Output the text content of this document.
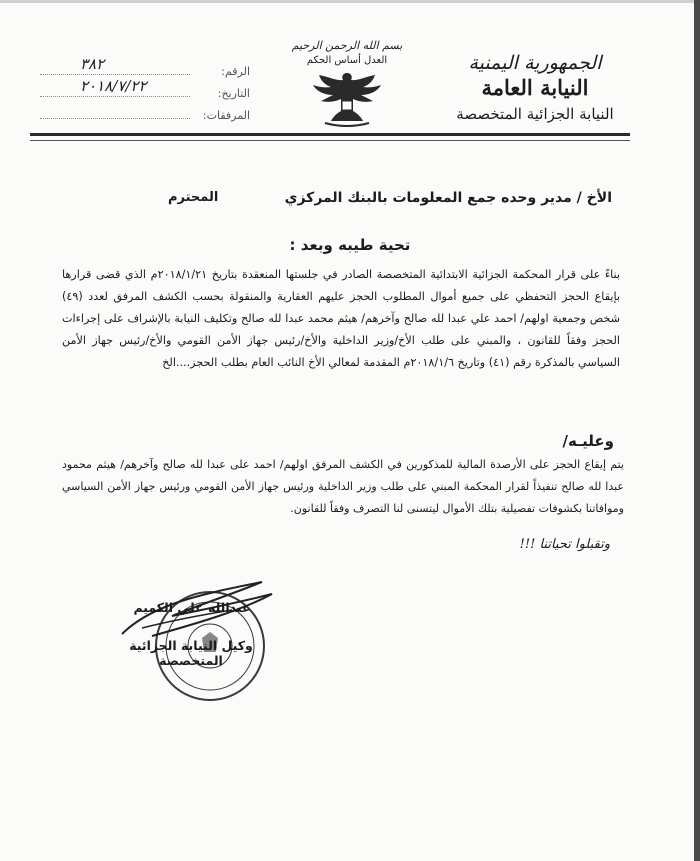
الجمهورية اليمنية
النيابة العامة
النيابة الجزائية المتخصصة
بسم الله الرحمن الرحيم
العدل أساس الحكم
الرقم:
٣٨٢
التاريخ:
٢٠١٨/٧/٢٢
المرفقات:
الأخ / مدير وحده جمع المعلومات بالبنك المركزي
المحترم
تحية طيبه وبعد :
بناءً على قرار المحكمة الجزائية الابتدائية المتخصصة الصادر في جلستها المنعقدة بتاريخ ٢٠١٨/١/٢١م الذي قضى قرارها بإيقاع الحجز التحفظي على جميع أموال المطلوب الحجز عليهم العقارية والمنقولة بحسب الكشف المرفق لعدد (٤٩) شخص وجمعية اولهم/ احمد علي عبدا لله صالح وآخرهم/ هيثم محمد عبدا لله صالح وتكليف النيابة بالإشراف على إجراءات الحجز وفقاً للقانون ، والمبني على طلب الأخ/وزير الداخلية والأخ/رئيس جهاز الأمن القومي والأخ/رئيس جهاز الأمن السياسي بالمذكرة رقم (٤١) وتاريخ ٢٠١٨/١/٦م المقدمة لمعالي الأخ النائب العام بطلب الحجز....الخ
وعليـه/
يتم إيقاع الحجز على الأرصدة المالية للمذكورين في الكشف المرفق اولهم/ احمد على عبدا لله صالح وآخرهم/ هيثم محمود عبدا لله صالح تنفيذاً لقرار المحكمة المبني على طلب وزير الداخلية ورئيس جهاز الأمن القومي ورئيس جهاز الأمن السياسي وموافاتنا بكشوفات تفصيلية بتلك الأموال ليتسنى لنا التصرف وفقاً للقانون.
وتقبلوا تحياتنا !!!
عبدالله علي الكميم
وكيل النيابة الجزائية المتخصصة
